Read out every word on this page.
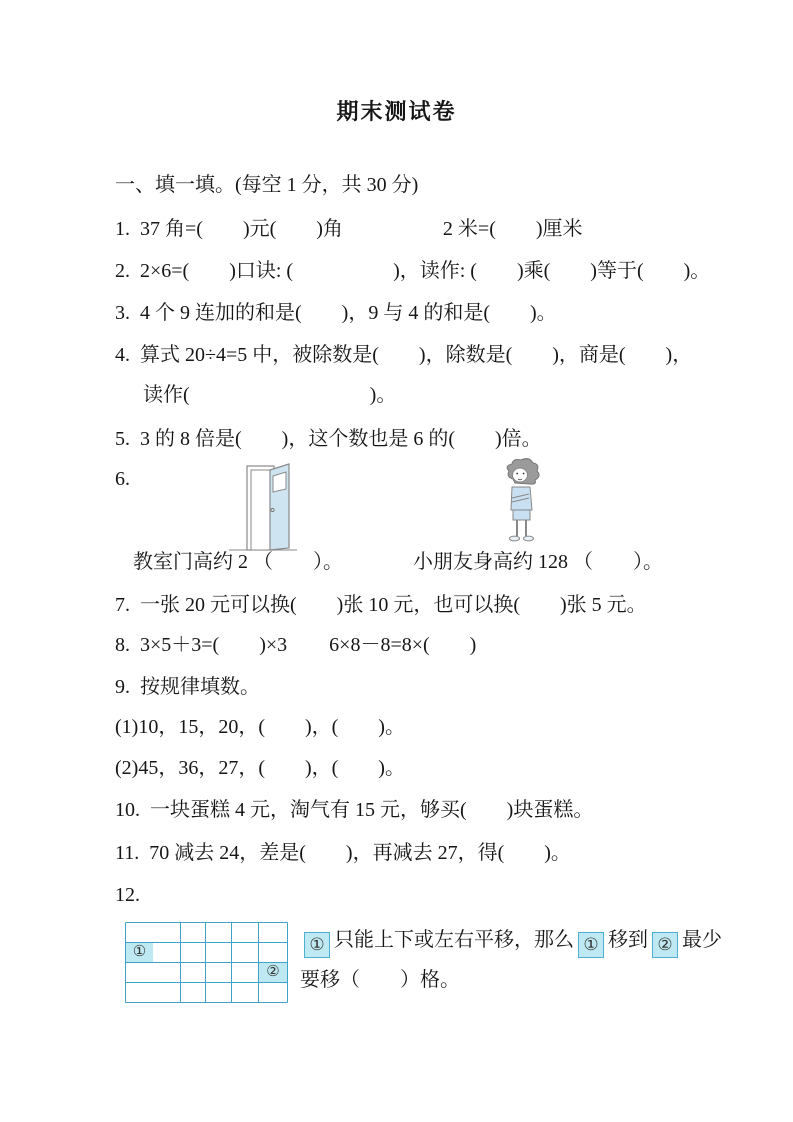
期末测试卷
一、填一填。(每空 1 分，共 30 分)
1. 37 角=(　　)元(　　)角	2 米=(　　)厘米
2. 2×6=(　　)口诀: (　　　　　)，读作: (　　)乘(　　)等于(　　)。
3. 4 个 9 连加的和是(　　)，9 与 4 的和是(　　)。
4. 算式 20÷4=5 中，被除数是(　　)，除数是(　　)，商是(　　)，
读作(　　　　　　　　　)。
5. 3 的 8 倍是(　　)，这个数也是 6 的(　　)倍。
6.
教室门高约 2 （　　）。	小朋友身高约 128 （　　）。
7. 一张 20 元可以换(　　)张 10 元，也可以换(　　)张 5 元。
8. 3×5＋3=(　　)×3 6×8－8=8×(　　)
9. 按规律填数。
(1)10，15，20，(　　)，(　　)。
(2)45，36，27，(　　)，(　　)。
10. 一块蛋糕 4 元，淘气有 15 元，够买(　　)块蛋糕。
11. 70 减去 24，差是(　　)，再减去 27，得(　　)。
12.
①
②
① 只能上下或左右平移，那么 ① 移到 ② 最少
要移（　　）格。
